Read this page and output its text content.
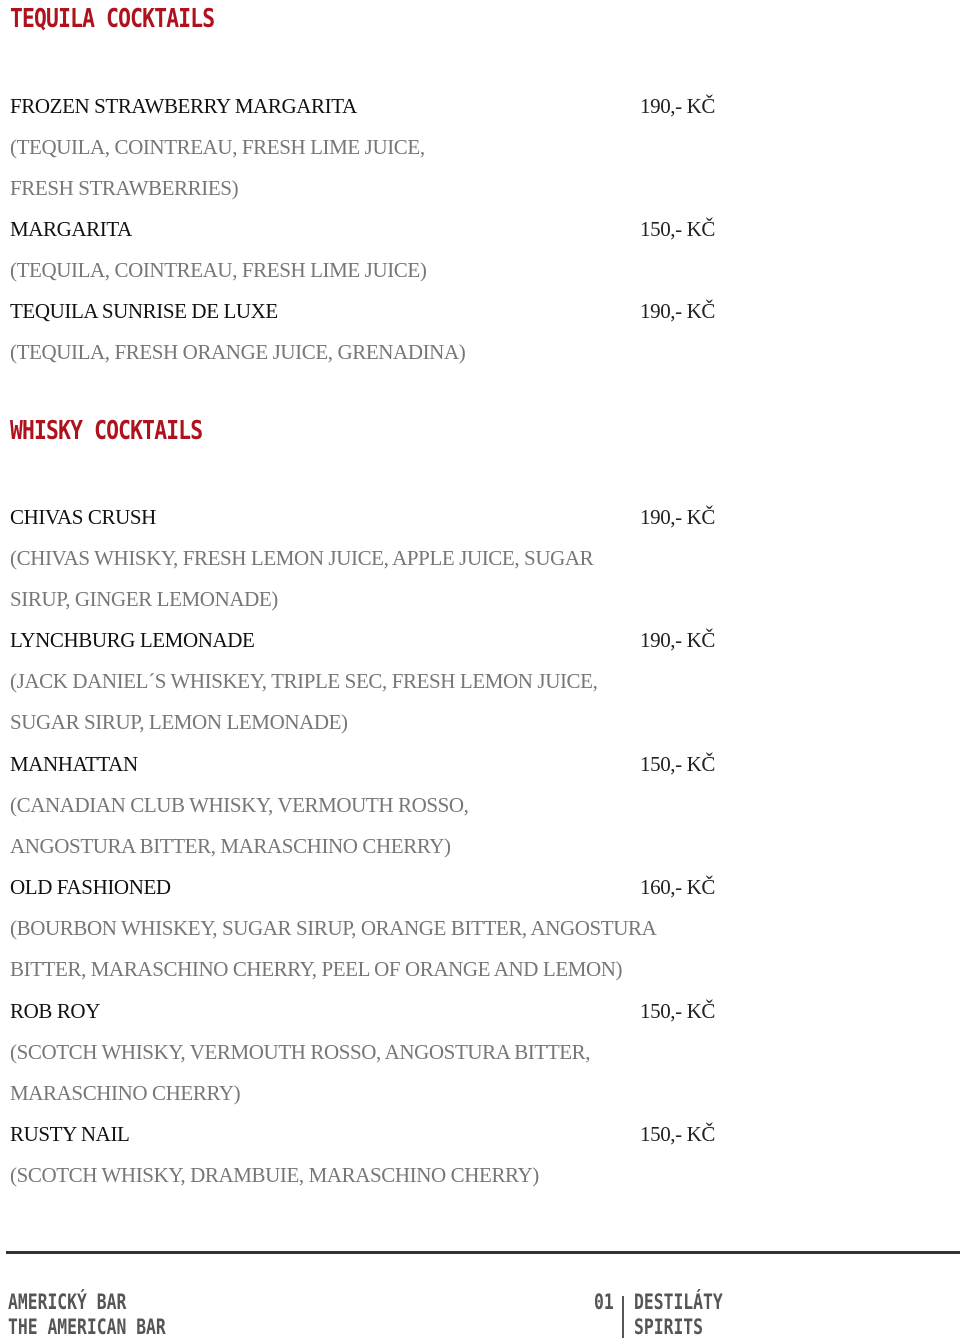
TEQUILA COCKTAILS
FROZEN STRAWBERRY MARGARITA	190,- KČ
(TEQUILA, COINTREAU, FRESH LIME JUICE,
FRESH STRAWBERRIES)
MARGARITA	150,- KČ
(TEQUILA, COINTREAU, FRESH LIME JUICE)
TEQUILA SUNRISE DE LUXE	190,- KČ
(TEQUILA, FRESH ORANGE JUICE, GRENADINA)
WHISKY COCKTAILS
CHIVAS CRUSH	190,- KČ
(CHIVAS WHISKY, FRESH LEMON JUICE, APPLE JUICE, SUGAR
SIRUP, GINGER LEMONADE)
LYNCHBURG LEMONADE	190,- KČ
(JACK DANIEL´S WHISKEY, TRIPLE SEC, FRESH LEMON JUICE,
SUGAR SIRUP, LEMON LEMONADE)
MANHATTAN	150,- KČ
(CANADIAN CLUB WHISKY, VERMOUTH ROSSO,
ANGOSTURA BITTER, MARASCHINO CHERRY)
OLD FASHIONED	160,- KČ
(BOURBON WHISKEY, SUGAR SIRUP, ORANGE BITTER, ANGOSTURA
BITTER, MARASCHINO CHERRY, PEEL OF ORANGE AND LEMON)
ROB ROY	150,- KČ
(SCOTCH WHISKY, VERMOUTH ROSSO, ANGOSTURA BITTER,
MARASCHINO CHERRY)
RUSTY NAIL	150,- KČ
(SCOTCH WHISKY, DRAMBUIE, MARASCHINO CHERRY)
AMERICKÝ BAR
THE AMERICAN BAR
01 DESTILÁTY
SPIRITS
